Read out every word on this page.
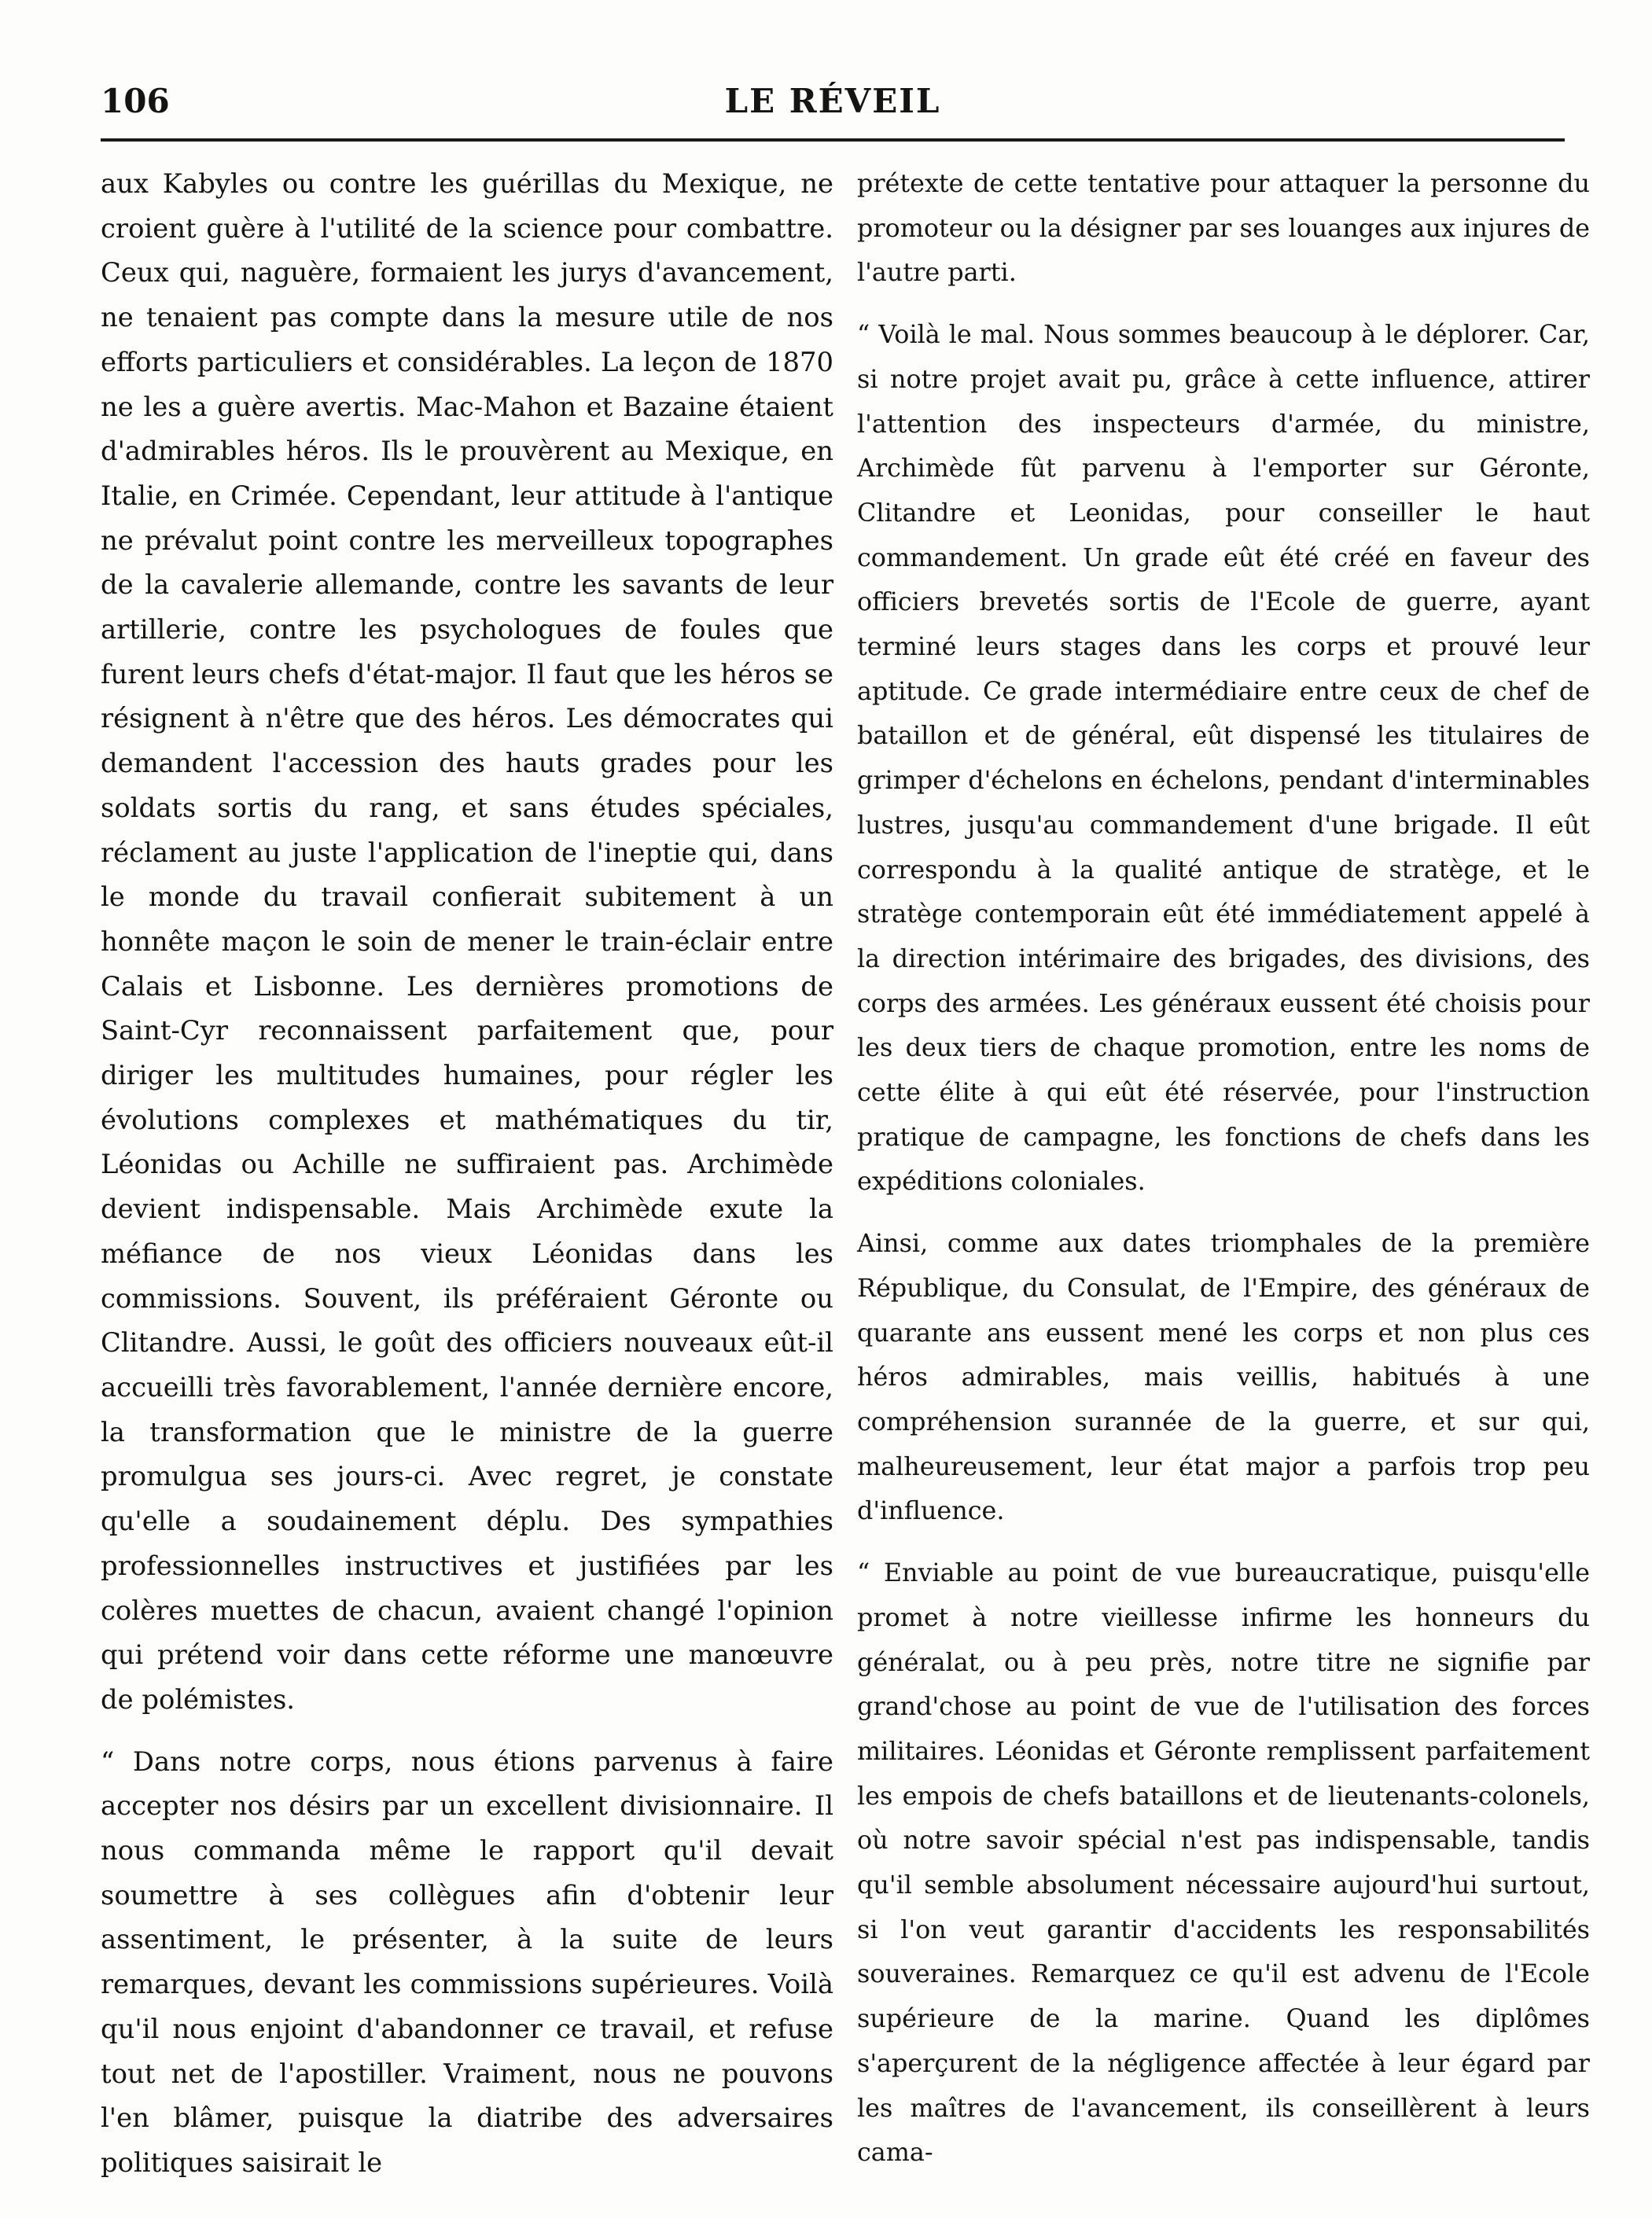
106	LE RÉVEIL

aux Kabyles ou contre les guérillas du Mexique, ne croient guère à l'utilité de la science pour combattre. Ceux qui, naguère, formaient les jurys d'avancement, ne tenaient pas compte dans la mesure utile de nos efforts particuliers et considérables. La leçon de 1870 ne les a guère avertis. Mac-Mahon et Bazaine étaient d'admirables héros. Ils le prouvèrent au Mexique, en Italie, en Crimée. Cependant, leur attitude à l'antique ne prévalut point contre les merveilleux topographes de la cavalerie allemande, contre les savants de leur artillerie, contre les psychologues de foules que furent leurs chefs d'état-major. Il faut que les héros se résignent à n'être que des héros. Les démocrates qui demandent l'accession des hauts grades pour les soldats sortis du rang, et sans études spéciales, réclament au juste l'application de l'ineptie qui, dans le monde du travail confierait subitement à un honnête maçon le soin de mener le train-éclair entre Calais et Lisbonne. Les dernières promotions de Saint-Cyr reconnaissent parfaitement que, pour diriger les multitudes humaines, pour régler les évolutions complexes et mathématiques du tir, Léonidas ou Achille ne suffiraient pas. Archimède devient indispensable. Mais Archimède exute la méfiance de nos vieux Léonidas dans les commissions. Souvent, ils préféraient Géronte ou Clitandre. Aussi, le goût des officiers nouveaux eût-il accueilli très favorablement, l'année dernière encore, la transformation que le ministre de la guerre promulgua ses jours-ci. Avec regret, je constate qu'elle a soudainement déplu. Des sympathies professionnelles instructives et justifiées par les colères muettes de chacun, avaient changé l'opinion qui prétend voir dans cette réforme une manœuvre de polémistes.

“ Dans notre corps, nous étions parvenus à faire accepter nos désirs par un excellent divisionnaire. Il nous commanda même le rapport qu'il devait soumettre à ses collègues afin d'obtenir leur assentiment, le présenter, à la suite de leurs remarques, devant les commissions supérieures. Voilà qu'il nous enjoint d'abandonner ce travail, et refuse tout net de l'apostiller. Vraiment, nous ne pouvons l'en blâmer, puisque la diatribe des adversaires politiques saisirait le

prétexte de cette tentative pour attaquer la personne du promoteur ou la désigner par ses louanges aux injures de l'autre parti.

“ Voilà le mal. Nous sommes beaucoup à le déplorer. Car, si notre projet avait pu, grâce à cette influence, attirer l'attention des inspecteurs d'armée, du ministre, Archimède fût parvenu à l'emporter sur Géronte, Clitandre et Leonidas, pour conseiller le haut commandement. Un grade eût été créé en faveur des officiers brevetés sortis de l'Ecole de guerre, ayant terminé leurs stages dans les corps et prouvé leur aptitude. Ce grade intermédiaire entre ceux de chef de bataillon et de général, eût dispensé les titulaires de grimper d'échelons en échelons, pendant d'interminables lustres, jusqu'au commandement d'une brigade. Il eût correspondu à la qualité antique de stratège, et le stratège contemporain eût été immédiatement appelé à la direction intérimaire des brigades, des divisions, des corps des armées. Les généraux eussent été choisis pour les deux tiers de chaque promotion, entre les noms de cette élite à qui eût été réservée, pour l'instruction pratique de campagne, les fonctions de chefs dans les expéditions coloniales.

Ainsi, comme aux dates triomphales de la première République, du Consulat, de l'Empire, des généraux de quarante ans eussent mené les corps et non plus ces héros admirables, mais veillis, habitués à une compréhension surannée de la guerre, et sur qui, malheureusement, leur état major a parfois trop peu d'influence.

“ Enviable au point de vue bureaucratique, puisqu'elle promet à notre vieillesse infirme les honneurs du généralat, ou à peu près, notre titre ne signifie par grand'chose au point de vue de l'utilisation des forces militaires. Léonidas et Géronte remplissent parfaitement les empois de chefs bataillons et de lieutenants-colonels, où notre savoir spécial n'est pas indispensable, tandis qu'il semble absolument nécessaire aujourd'hui surtout, si l'on veut garantir d'accidents les responsabilités souveraines. Remarquez ce qu'il est advenu de l'Ecole supérieure de la marine. Quand les diplômes s'aperçurent de la négligence affectée à leur égard par les maîtres de l'avancement, ils conseillèrent à leurs cama-
